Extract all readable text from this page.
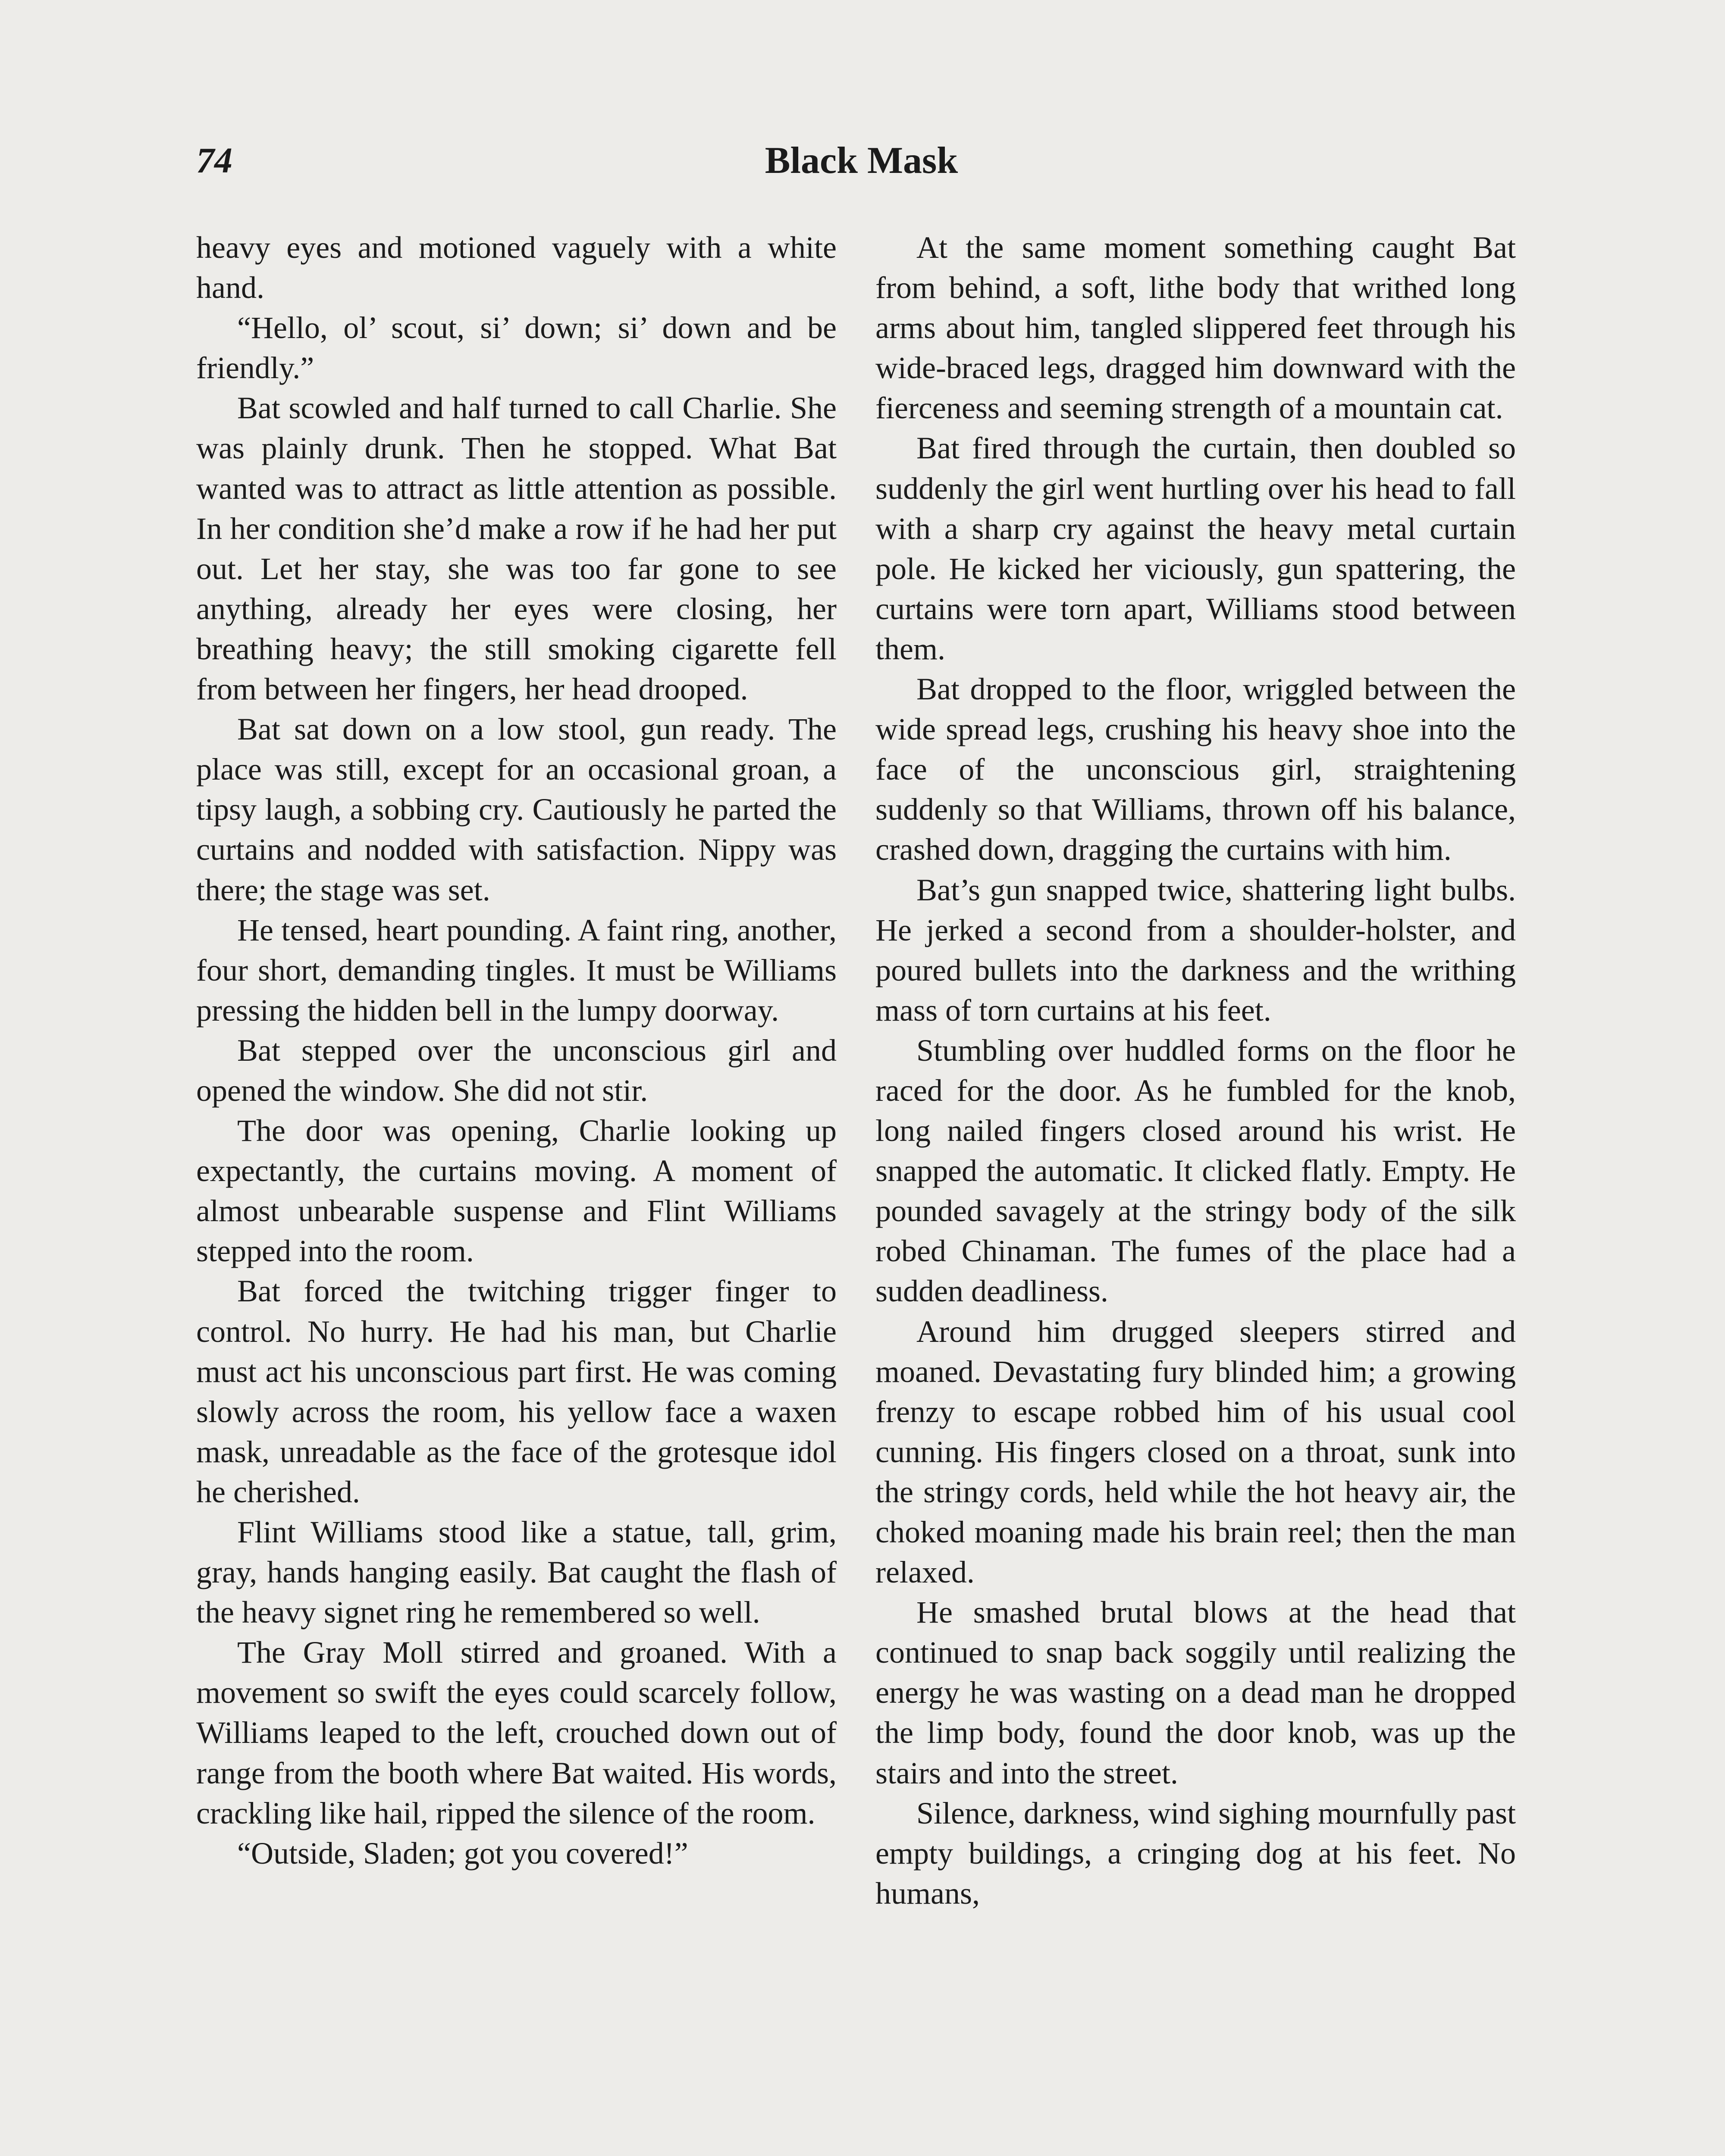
74	Black Mask

heavy eyes and motioned vaguely with a white hand.

“Hello, ol’ scout, si’ down; si’ down and be friendly.”

Bat scowled and half turned to call Charlie. She was plainly drunk. Then he stopped. What Bat wanted was to attract as little attention as possible. In her condition she’d make a row if he had her put out. Let her stay, she was too far gone to see anything, already her eyes were closing, her breathing heavy; the still smoking cigarette fell from between her fingers, her head drooped.

Bat sat down on a low stool, gun ready. The place was still, except for an occasional groan, a tipsy laugh, a sobbing cry. Cautiously he parted the curtains and nodded with satisfaction. Nippy was there; the stage was set.

He tensed, heart pounding. A faint ring, another, four short, demanding tingles. It must be Williams pressing the hidden bell in the lumpy doorway.

Bat stepped over the unconscious girl and opened the window. She did not stir.

The door was opening, Charlie looking up expectantly, the curtains moving. A moment of almost unbearable suspense and Flint Williams stepped into the room.

Bat forced the twitching trigger finger to control. No hurry. He had his man, but Charlie must act his unconscious part first. He was coming slowly across the room, his yellow face a waxen mask, unreadable as the face of the grotesque idol he cherished.

Flint Williams stood like a statue, tall, grim, gray, hands hanging easily. Bat caught the flash of the heavy signet ring he remembered so well.

The Gray Moll stirred and groaned. With a movement so swift the eyes could scarcely follow, Williams leaped to the left, crouched down out of range from the booth where Bat waited. His words, crackling like hail, ripped the silence of the room.

“Outside, Sladen; got you covered!”

At the same moment something caught Bat from behind, a soft, lithe body that writhed long arms about him, tangled slippered feet through his wide-braced legs, dragged him downward with the fierceness and seeming strength of a mountain cat.

Bat fired through the curtain, then doubled so suddenly the girl went hurtling over his head to fall with a sharp cry against the heavy metal curtain pole. He kicked her viciously, gun spattering, the curtains were torn apart, Williams stood between them.

Bat dropped to the floor, wriggled between the wide spread legs, crushing his heavy shoe into the face of the unconscious girl, straightening suddenly so that Williams, thrown off his balance, crashed down, dragging the curtains with him.

Bat’s gun snapped twice, shattering light bulbs. He jerked a second from a shoulder-holster, and poured bullets into the darkness and the writhing mass of torn curtains at his feet.

Stumbling over huddled forms on the floor he raced for the door. As he fumbled for the knob, long nailed fingers closed around his wrist. He snapped the automatic. It clicked flatly. Empty. He pounded savagely at the stringy body of the silk robed Chinaman. The fumes of the place had a sudden deadliness.

Around him drugged sleepers stirred and moaned. Devastating fury blinded him; a growing frenzy to escape robbed him of his usual cool cunning. His fingers closed on a throat, sunk into the stringy cords, held while the hot heavy air, the choked moaning made his brain reel; then the man relaxed.

He smashed brutal blows at the head that continued to snap back soggily until realizing the energy he was wasting on a dead man he dropped the limp body, found the door knob, was up the stairs and into the street.

Silence, darkness, wind sighing mournfully past empty buildings, a cringing dog at his feet. No humans,
